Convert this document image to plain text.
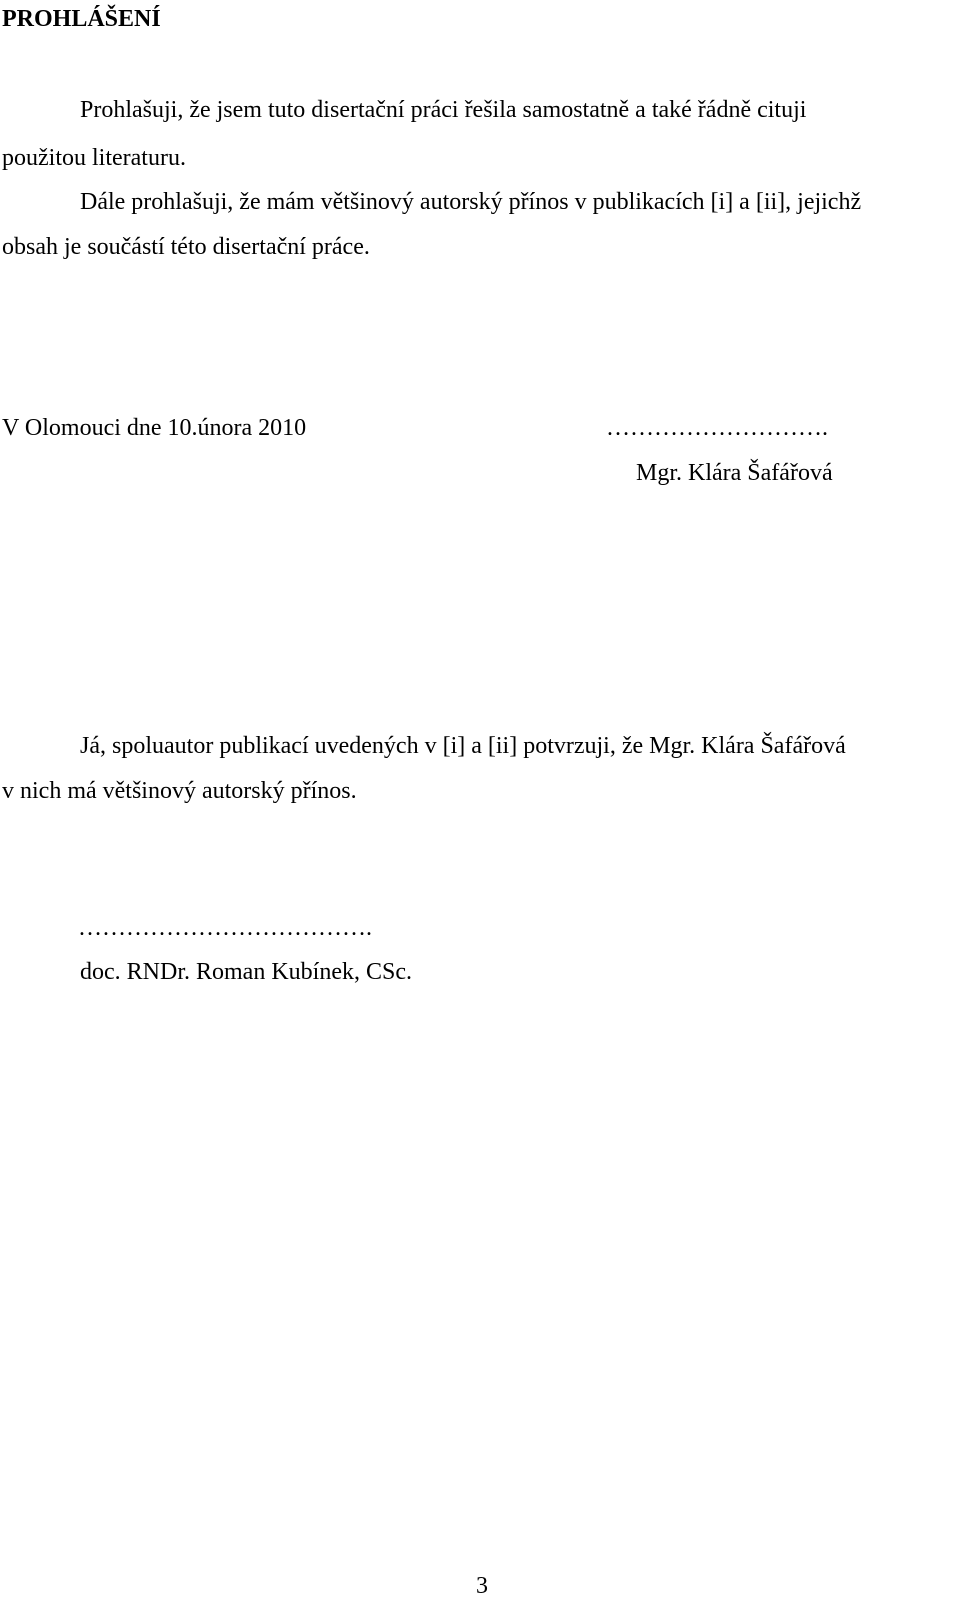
PROHLÁŠENÍ
Prohlašuji, že jsem tuto disertační práci řešila samostatně a také řádně cituji
použitou literaturu.
Dále prohlašuji, že mám většinový autorský přínos v publikacích [i] a [ii], jejichž
obsah je součástí této disertační práce.
V Olomouci dne 10.února 2010	……………………….
Mgr. Klára Šafářová
Já, spoluautor publikací uvedených v [i] a [ii] potvrzuji, že Mgr. Klára Šafářová
v nich má většinový autorský přínos.
……………………………….
doc. RNDr. Roman Kubínek, CSc.
3
